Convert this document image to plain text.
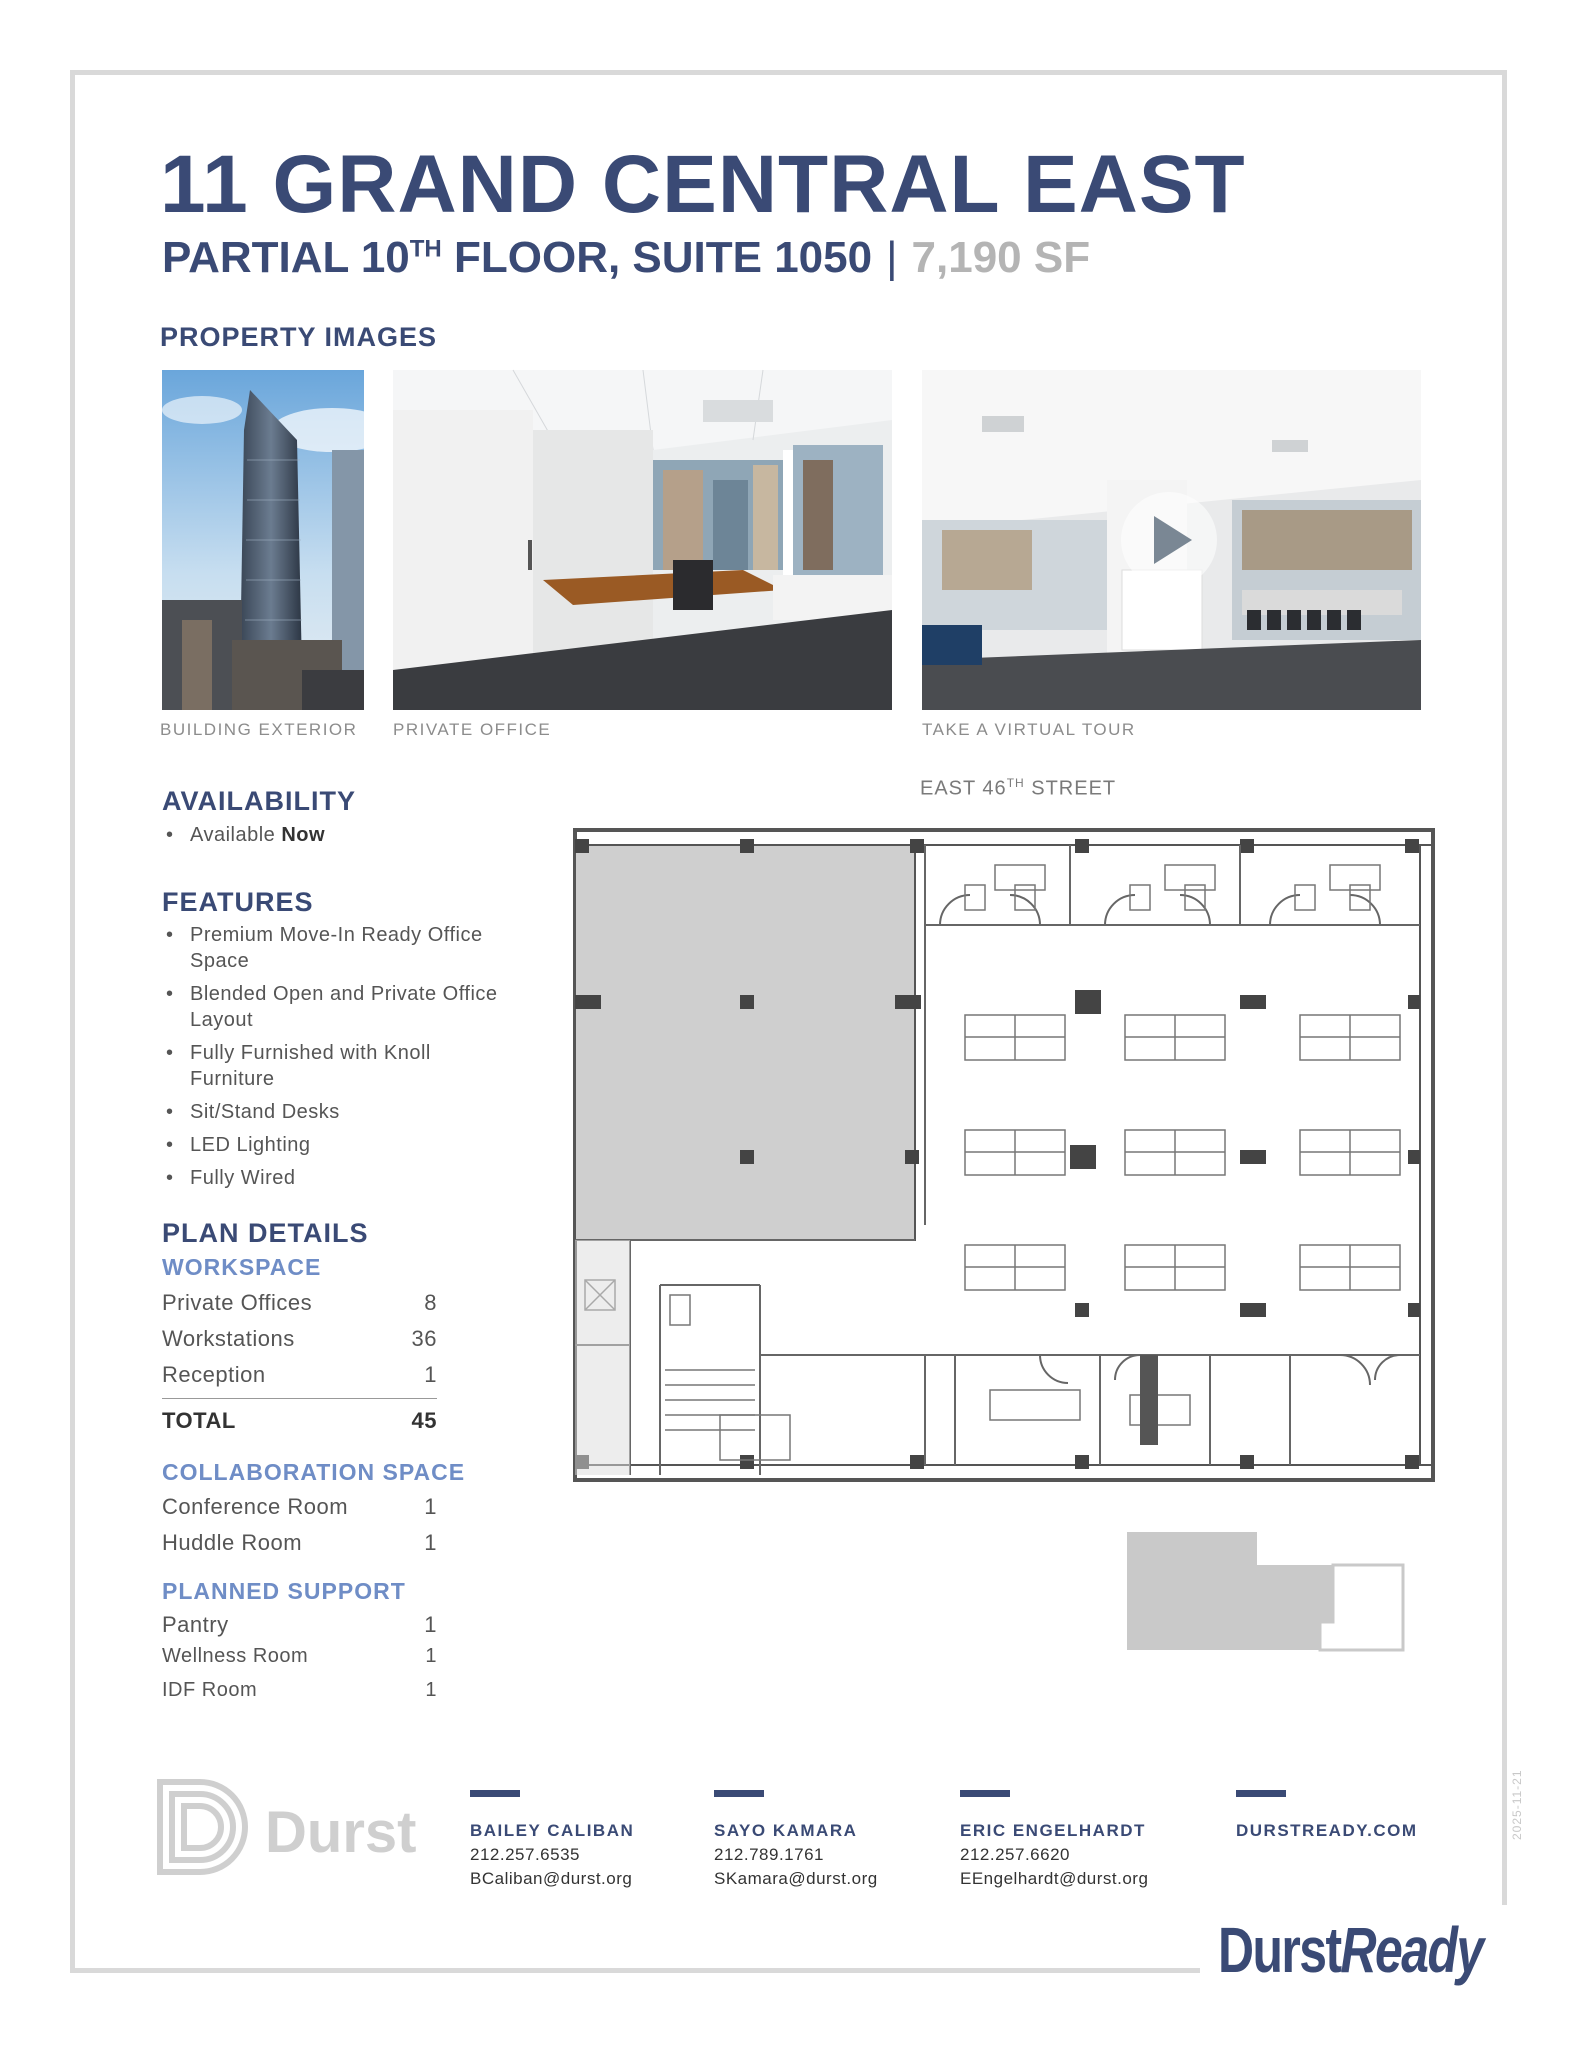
11 GRAND CENTRAL EAST
PARTIAL 10TH FLOOR, SUITE 1050 | 7,190 SF
PROPERTY IMAGES
BUILDING EXTERIOR PRIVATE OFFICE	TAKE A VIRTUAL TOUR
AVAILABILITY
• Available Now
FEATURES
• Premium Move-In Ready Office Space
• Blended Open and Private Office Layout
• Fully Furnished with Knoll Furniture
• Sit/Stand Desks
• LED Lighting
• Fully Wired
PLAN DETAILS
WORKSPACE
Private Offices	8
Workstations	36
Reception	1
TOTAL	45
COLLABORATION SPACE
Conference Room	1
Huddle Room	1
PLANNED SUPPORT
Pantry	1
Wellness Room	1
IDF Room	1
EAST 46TH STREET
Durst	BAILEY CALIBAN
212.257.6535
BCaliban@durst.org
SAYO KAMARA
212.789.1761
SKamara@durst.org
ERIC ENGELHARDT
212.257.6620
EEngelhardt@durst.org
DURSTREADY.COM	2025-11-21
DurstReady
